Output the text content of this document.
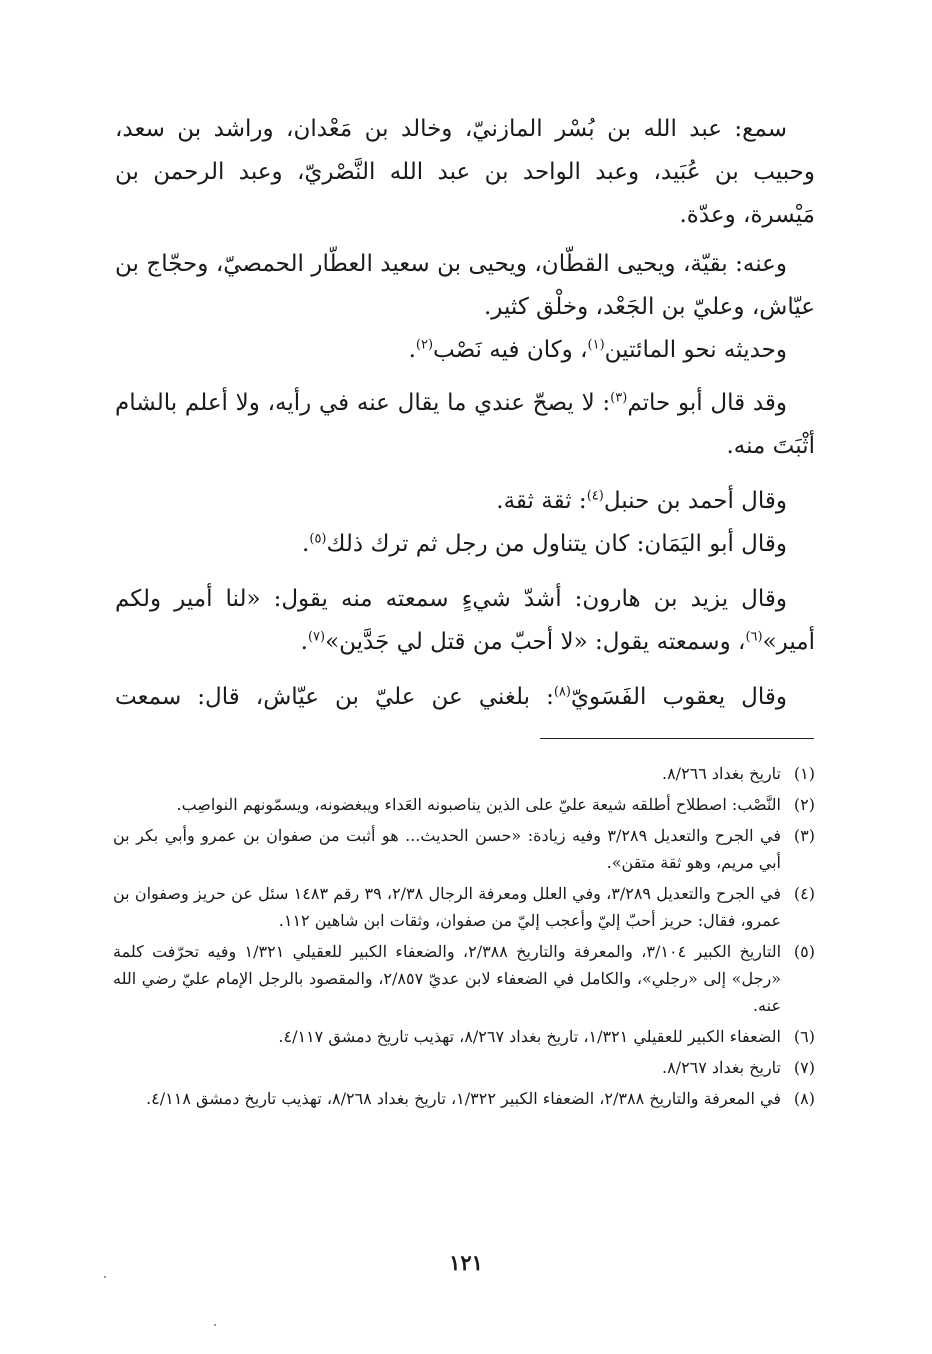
سمع: عبد الله بن بُسْر المازنيّ، وخالد بن مَعْدان، وراشد بن سعد، وحبيب بن عُبَيد، وعبد الواحد بن عبد الله النَّصْريّ، وعبد الرحمن بن مَيْسرة، وعدّة.

وعنه: بقيّة، ويحيى القطّان، ويحيى بن سعيد العطّار الحمصيّ، وحجّاج بن عيّاش، وعليّ بن الجَعْد، وخلْق كثير.

وحديثه نحو المائتين$^{(١)}$، وكان فيه نَصْب$^{(٢)}$.

وقد قال أبو حاتم$^{(٣)}$: لا يصحّ عندي ما يقال عنه في رأيه، ولا أعلم بالشام أثْبَتَ منه.

وقال أحمد بن حنبل$^{(٤)}$: ثقة ثقة.

وقال أبو اليَمَان: كان يتناول من رجل ثم ترك ذلك$^{(٥)}$.

وقال يزيد بن هارون: أشدّ شيءٍ سمعته منه يقول: «لنا أمير ولكم أمير»$^{(٦)}$، وسمعته يقول: «لا أحبّ من قتل لي جَدَّين»$^{(٧)}$.

وقال يعقوب الفَسَويّ$^{(٨)}$: بلغني عن عليّ بن عيّاش، قال: سمعت

(١)
تاريخ بغداد ٨/٢٦٦.
(٢)
النَّصْب: اصطلاح أطلقه شيعة عليّ على الذين يناصبونه العَداء ويبغضونه، ويسمّونهم النواصِب.
(٣)
في الجرح والتعديل ٣/٢٨٩ وفيه زيادة: «حسن الحديث... هو أثبت من صفوان بن عمرو وأبي بكر بن أبي مريم، وهو ثقة متقن».
(٤)
في الجرح والتعديل ٣/٢٨٩، وفي العلل ومعرفة الرجال ٢/٣٨، ٣٩ رقم ١٤٨٣ سئل عن حريز وصفوان بن عمرو، فقال: حريز أحبّ إليّ وأعجب إليّ من صفوان، وثقات ابن شاهين ١١٢.
(٥)
التاريخ الكبير ٣/١٠٤، والمعرفة والتاريخ ٢/٣٨٨، والضعفاء الكبير للعقيلي ١/٣٢١ وفيه تحرّفت كلمة «رجل» إلى «رجلي»، والكامل في الضعفاء لابن عديّ ٢/٨٥٧، والمقصود بالرجل الإمام عليّ رضي الله عنه.
(٦)
الضعفاء الكبير للعقيلي ١/٣٢١، تاريخ بغداد ٨/٢٦٧، تهذيب تاريخ دمشق ٤/١١٧.
(٧)
تاريخ بغداد ٨/٢٦٧.
(٨)
في المعرفة والتاريخ ٢/٣٨٨، الضعفاء الكبير ١/٣٢٢، تاريخ بغداد ٨/٢٦٨، تهذيب تاريخ دمشق ٤/١١٨.
١٢١
